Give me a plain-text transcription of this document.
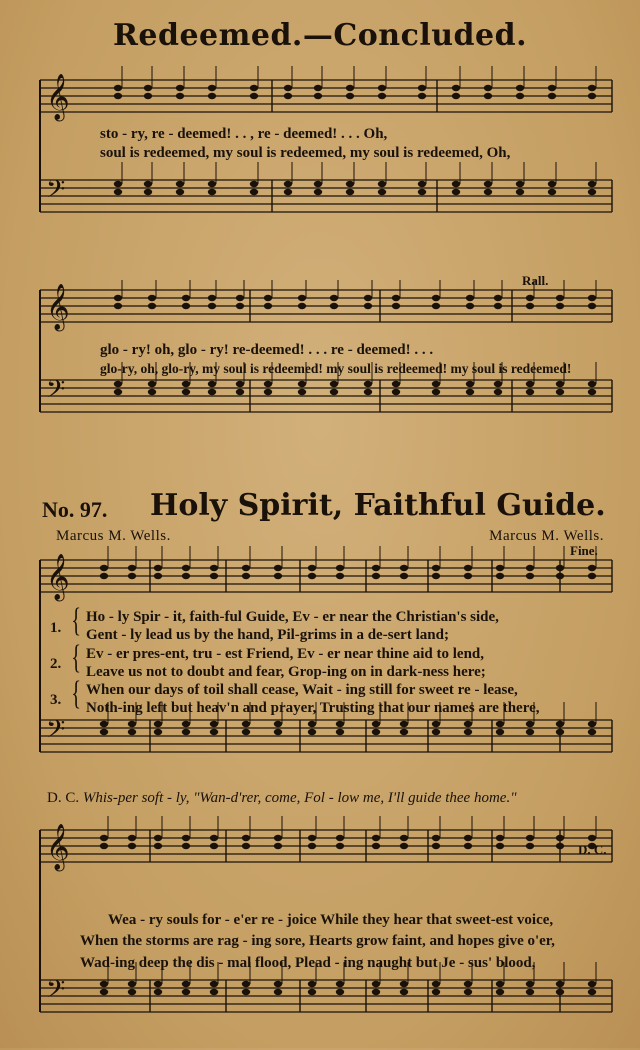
Redeemed.—Concluded.
𝄞
𝄢
sto - ry, re - deemed! . . , re - deemed! . . . Oh,
soul is redeemed, my soul is redeemed, my soul is redeemed, Oh,
𝄞
𝄢
Rall.
glo - ry! oh, glo - ry! re-deemed! . . . re - deemed! . . .
glo-ry, oh, glo-ry, my soul is redeemed! my soul is redeemed! my soul is redeemed!
No. 97. Holy Spirit, Faithful Guide.
Marcus M. Wells.	Marcus M. Wells.
𝄞
𝄢
Fine.
1. { Ho - ly Spir - it, faith-ful Guide, Ev - er near the Christian's side,
Gent - ly lead us by the hand, Pil-grims in a de-sert land;
2. { Ev - er pres-ent, tru - est Friend, Ev - er near thine aid to lend,
Leave us not to doubt and fear, Grop-ing on in dark-ness here;
3. { When our days of toil shall cease, Wait - ing still for sweet re - lease,
Noth-ing left but heav'n and prayer, Trusting that our names are there,
D. C. Whis-per soft - ly, "Wan-d'rer, come, Fol - low me, I'll guide thee home."
𝄞
𝄢
D. C.
Wea - ry souls for - e'er re - joice While they hear that sweet-est voice,
When the storms are rag - ing sore, Hearts grow faint, and hopes give o'er,
Wad-ing deep the dis - mal flood, Plead - ing naught but Je - sus' blood,
